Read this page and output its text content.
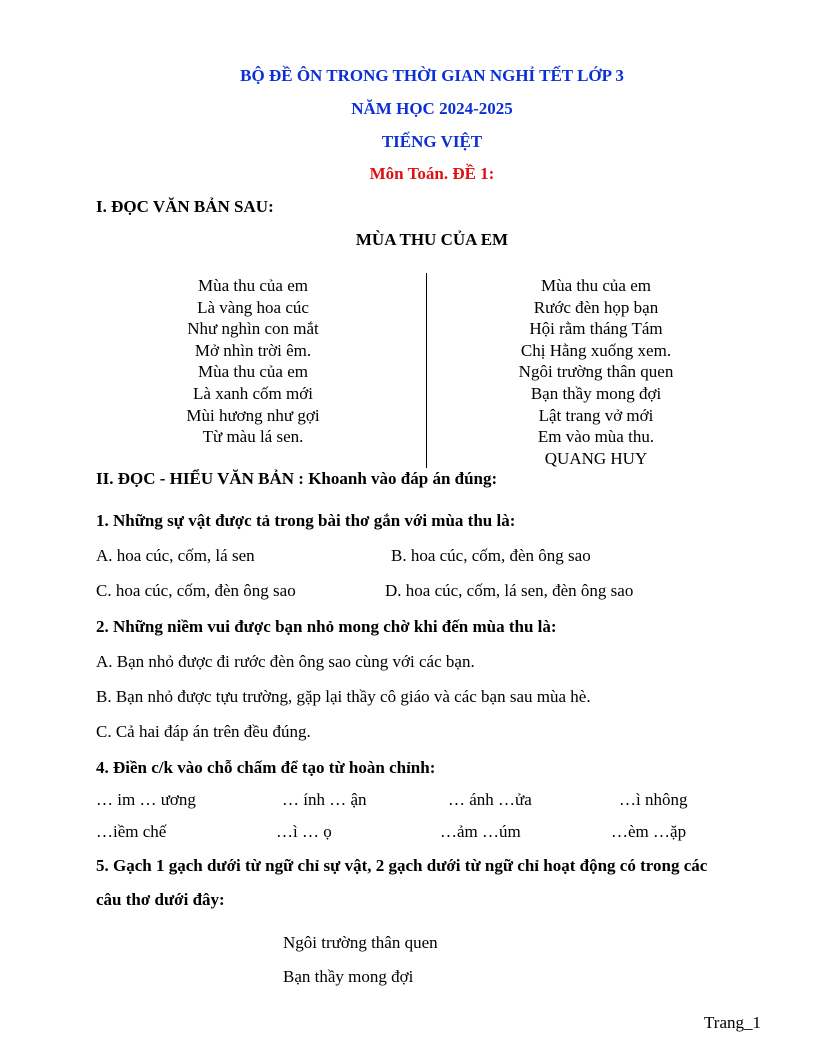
BỘ ĐỀ ÔN TRONG THỜI GIAN NGHỈ TẾT LỚP 3
NĂM HỌC 2024-2025
TIẾNG VIỆT
Môn Toán. ĐỀ 1:
I. ĐỌC VĂN BẢN SAU:
MÙA THU CỦA EM
Mùa thu của em
Là vàng hoa cúc
Như nghìn con mắt
Mở nhìn trời êm.
Mùa thu của em
Là xanh cốm mới
Mùi hương như gợi
Từ màu lá sen.
Mùa thu của em
Rước đèn họp bạn
Hội rằm tháng Tám
Chị Hằng xuống xem.
Ngôi trường thân quen
Bạn thầy mong đợi
Lật trang vở mới
Em vào mùa thu.
QUANG HUY
II. ĐỌC - HIỂU VĂN BẢN : Khoanh vào đáp án đúng:
1. Những sự vật được tả trong bài thơ gắn với mùa thu là:
A. hoa cúc, cốm, lá sen	B. hoa cúc, cốm, đèn ông sao
C. hoa cúc, cốm, đèn ông sao	D. hoa cúc, cốm, lá sen, đèn ông sao
2. Những niềm vui được bạn nhỏ mong chờ khi đến mùa thu là:
A. Bạn nhỏ được đi rước đèn ông sao cùng với các bạn.
B. Bạn nhỏ được tựu trường, gặp lại thầy cô giáo và các bạn sau mùa hè.
C. Cả hai đáp án trên đều đúng.
4. Điền c/k vào chỗ chấm để tạo từ hoàn chỉnh:
… im … ương	… ính … ận	… ánh …ửa	…ì nhông
…iềm chế	…ì … ọ	…ảm …úm	…èm …ặp
5. Gạch 1 gạch dưới từ ngữ chỉ sự vật, 2 gạch dưới từ ngữ chỉ hoạt động có trong các
câu thơ dưới đây:
Ngôi trường thân quen
Bạn thầy mong đợi
Trang_1
